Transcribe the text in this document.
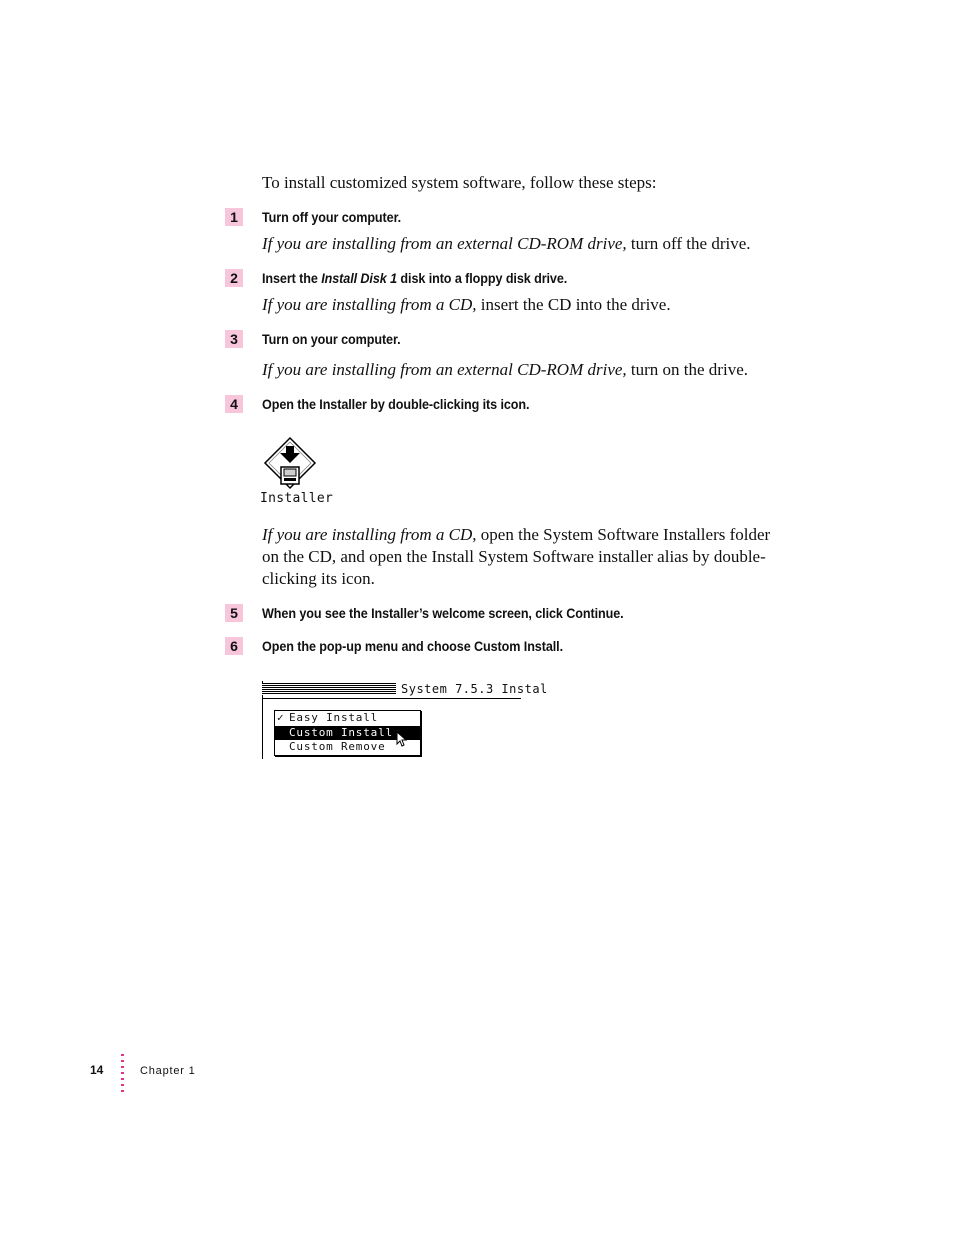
To install customized system software, follow these steps:
1	Turn off your computer.
If you are installing from an external CD-ROM drive, turn off the drive.
2	Insert the Install Disk 1 disk into a floppy disk drive.
If you are installing from a CD, insert the CD into the drive.
3	Turn on your computer.
If you are installing from an external CD-ROM drive, turn on the drive.
4	Open the Installer by double-clicking its icon.
Installer
If you are installing from a CD, open the System Software Installers folder on the CD, and open the Install System Software installer alias by double-clicking its icon.
5	When you see the Installer’s welcome screen, click Continue.
6	Open the pop-up menu and choose Custom Install.
System 7.5.3 Instal
✓ Easy Install
Custom Install
Custom Remove
14	Chapter 1
